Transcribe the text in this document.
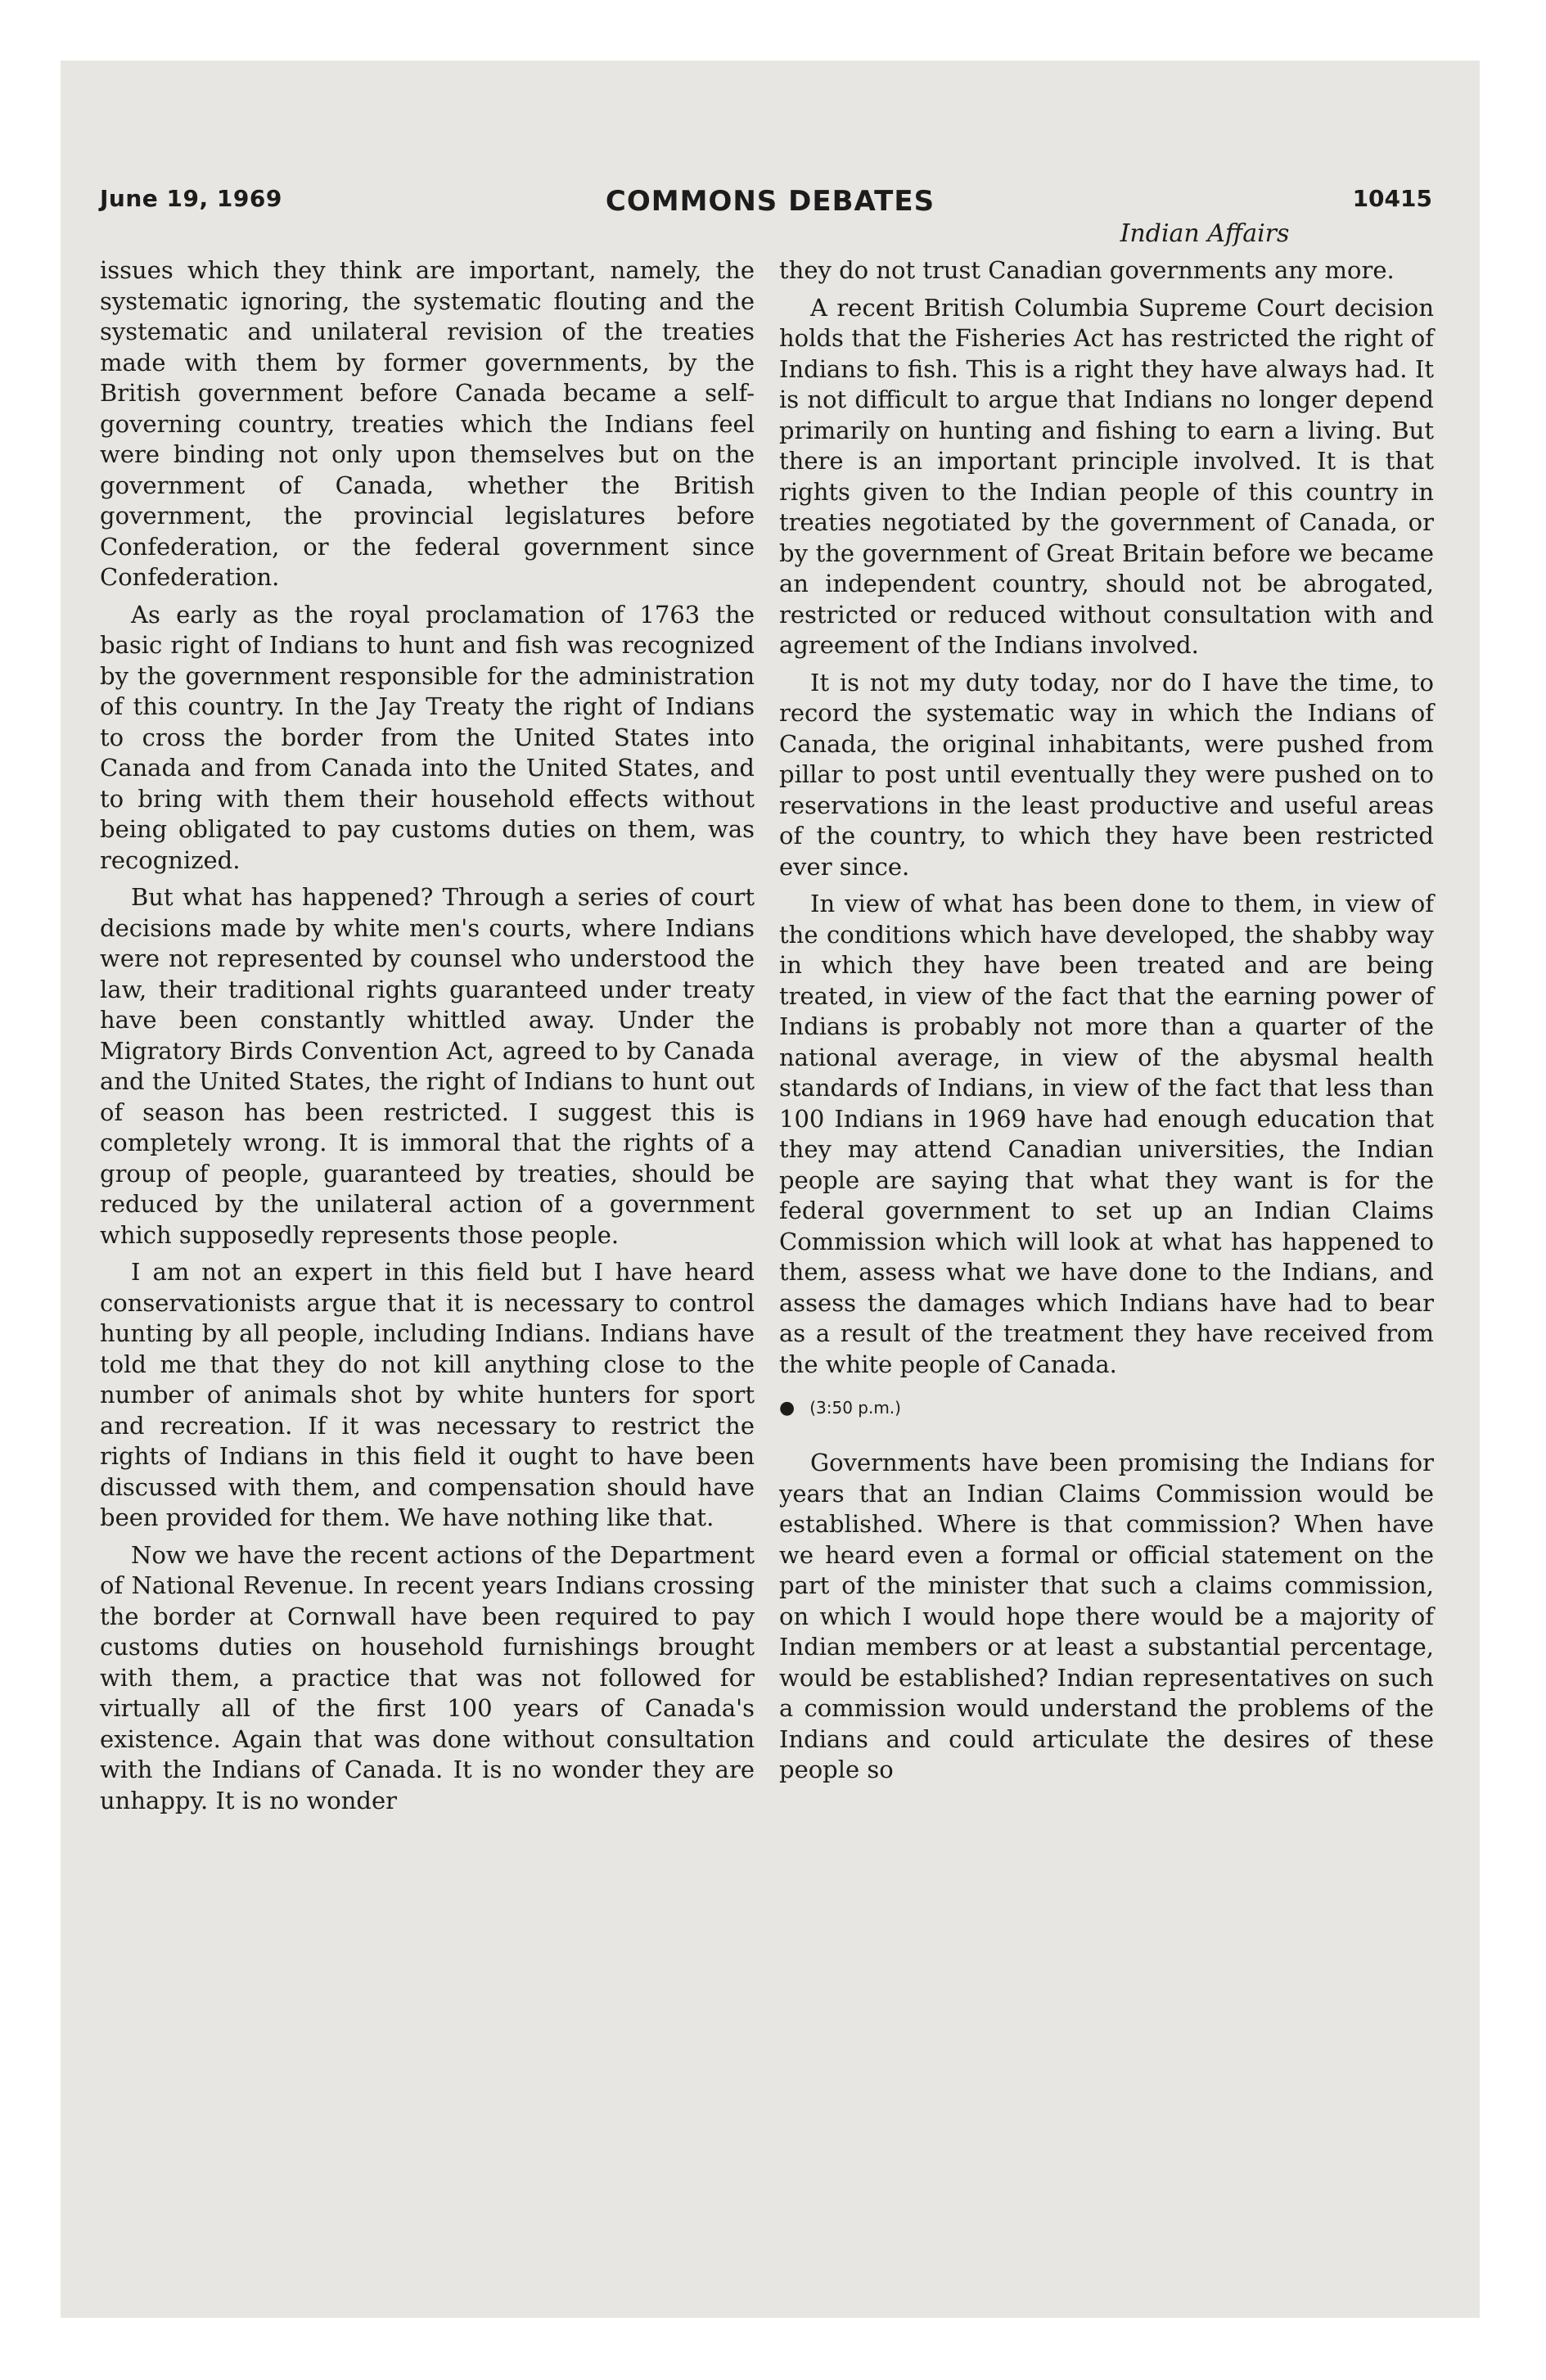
June 19, 1969	COMMONS DEBATES	10415
Indian Affairs

issues which they think are important, namely, the systematic ignoring, the systematic flouting and the systematic and unilateral revision of the treaties made with them by former governments, by the British government before Canada became a self-governing country, treaties which the Indians feel were binding not only upon themselves but on the government of Canada, whether the British government, the provincial legislatures before Confederation, or the federal government since Confederation.

As early as the royal proclamation of 1763 the basic right of Indians to hunt and fish was recognized by the government responsible for the administration of this country. In the Jay Treaty the right of Indians to cross the border from the United States into Canada and from Canada into the United States, and to bring with them their household effects without being obligated to pay customs duties on them, was recognized.

But what has happened? Through a series of court decisions made by white men's courts, where Indians were not represented by counsel who understood the law, their traditional rights guaranteed under treaty have been constantly whittled away. Under the Migratory Birds Convention Act, agreed to by Canada and the United States, the right of Indians to hunt out of season has been restricted. I suggest this is completely wrong. It is immoral that the rights of a group of people, guaranteed by treaties, should be reduced by the unilateral action of a government which supposedly represents those people.

I am not an expert in this field but I have heard conservationists argue that it is necessary to control hunting by all people, including Indians. Indians have told me that they do not kill anything close to the number of animals shot by white hunters for sport and recreation. If it was necessary to restrict the rights of Indians in this field it ought to have been discussed with them, and compensation should have been provided for them. We have nothing like that.

Now we have the recent actions of the Department of National Revenue. In recent years Indians crossing the border at Cornwall have been required to pay customs duties on household furnishings brought with them, a practice that was not followed for virtually all of the first 100 years of Canada's existence. Again that was done without consultation with the Indians of Canada. It is no wonder they are unhappy. It is no wonder

they do not trust Canadian governments any more.

A recent British Columbia Supreme Court decision holds that the Fisheries Act has restricted the right of Indians to fish. This is a right they have always had. It is not difficult to argue that Indians no longer depend primarily on hunting and fishing to earn a living. But there is an important principle involved. It is that rights given to the Indian people of this country in treaties negotiated by the government of Canada, or by the government of Great Britain before we became an independent country, should not be abrogated, restricted or reduced without consultation with and agreement of the Indians involved.

It is not my duty today, nor do I have the time, to record the systematic way in which the Indians of Canada, the original inhabitants, were pushed from pillar to post until eventually they were pushed on to reservations in the least productive and useful areas of the country, to which they have been restricted ever since.

In view of what has been done to them, in view of the conditions which have developed, the shabby way in which they have been treated and are being treated, in view of the fact that the earning power of Indians is probably not more than a quarter of the national average, in view of the abysmal health standards of Indians, in view of the fact that less than 100 Indians in 1969 have had enough education that they may attend Canadian universities, the Indian people are saying that what they want is for the federal government to set up an Indian Claims Commission which will look at what has happened to them, assess what we have done to the Indians, and assess the damages which Indians have had to bear as a result of the treatment they have received from the white people of Canada.

● (3:50 p.m.)

Governments have been promising the Indians for years that an Indian Claims Commission would be established. Where is that commission? When have we heard even a formal or official statement on the part of the minister that such a claims commission, on which I would hope there would be a majority of Indian members or at least a substantial percentage, would be established? Indian representatives on such a commission would understand the problems of the Indians and could articulate the desires of these people so
